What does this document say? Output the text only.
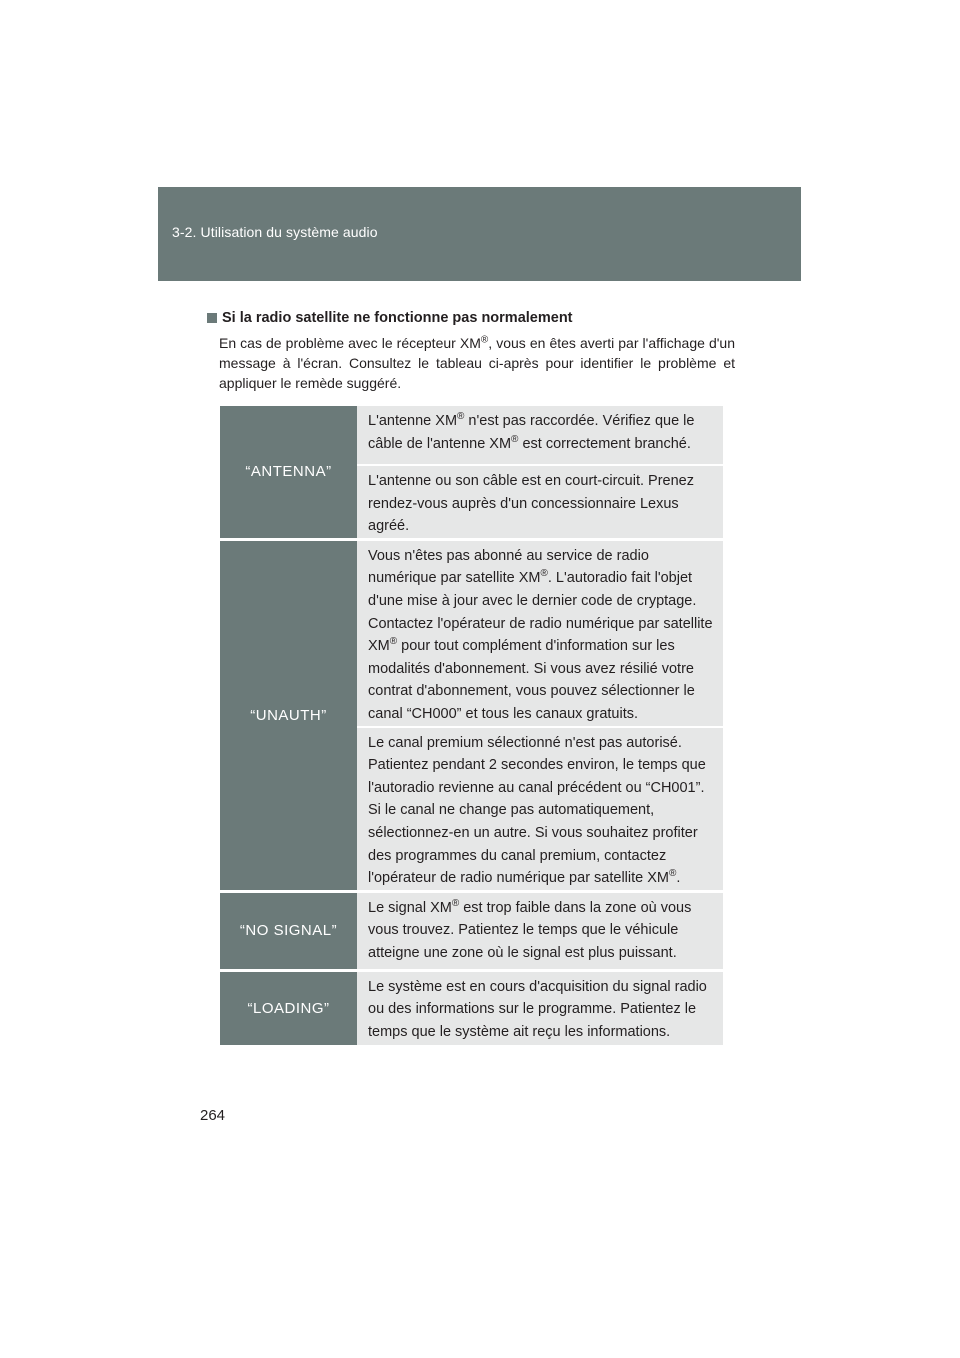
3-2. Utilisation du système audio
Si la radio satellite ne fonctionne pas normalement
En cas de problème avec le récepteur XM®, vous en êtes averti par l'affichage d'un message à l'écran. Consultez le tableau ci-après pour identifier le problème et appliquer le remède suggéré.
“ANTENNA”	L'antenne XM® n'est pas raccordée. Vérifiez que le câble de l'antenne XM® est correctement branché.
	L'antenne ou son câble est en court-circuit. Prenez rendez-vous auprès d'un concessionnaire Lexus agréé.
“UNAUTH”	Vous n'êtes pas abonné au service de radio numérique par satellite XM®. L'autoradio fait l'objet d'une mise à jour avec le dernier code de cryptage. Contactez l'opérateur de radio numérique par satellite XM® pour tout complément d'information sur les modalités d'abonnement. Si vous avez résilié votre contrat d'abonnement, vous pouvez sélectionner le canal “CH000” et tous les canaux gratuits.
	Le canal premium sélectionné n'est pas autorisé. Patientez pendant 2 secondes environ, le temps que l'autoradio revienne au canal précédent ou “CH001”. Si le canal ne change pas automatiquement, sélectionnez-en un autre. Si vous souhaitez profiter des programmes du canal premium, contactez l'opérateur de radio numérique par satellite XM®.
“NO SIGNAL”	Le signal XM® est trop faible dans la zone où vous vous trouvez. Patientez le temps que le véhicule atteigne une zone où le signal est plus puissant.
“LOADING”	Le système est en cours d'acquisition du signal radio ou des informations sur le programme. Patientez le temps que le système ait reçu les informations.
264
